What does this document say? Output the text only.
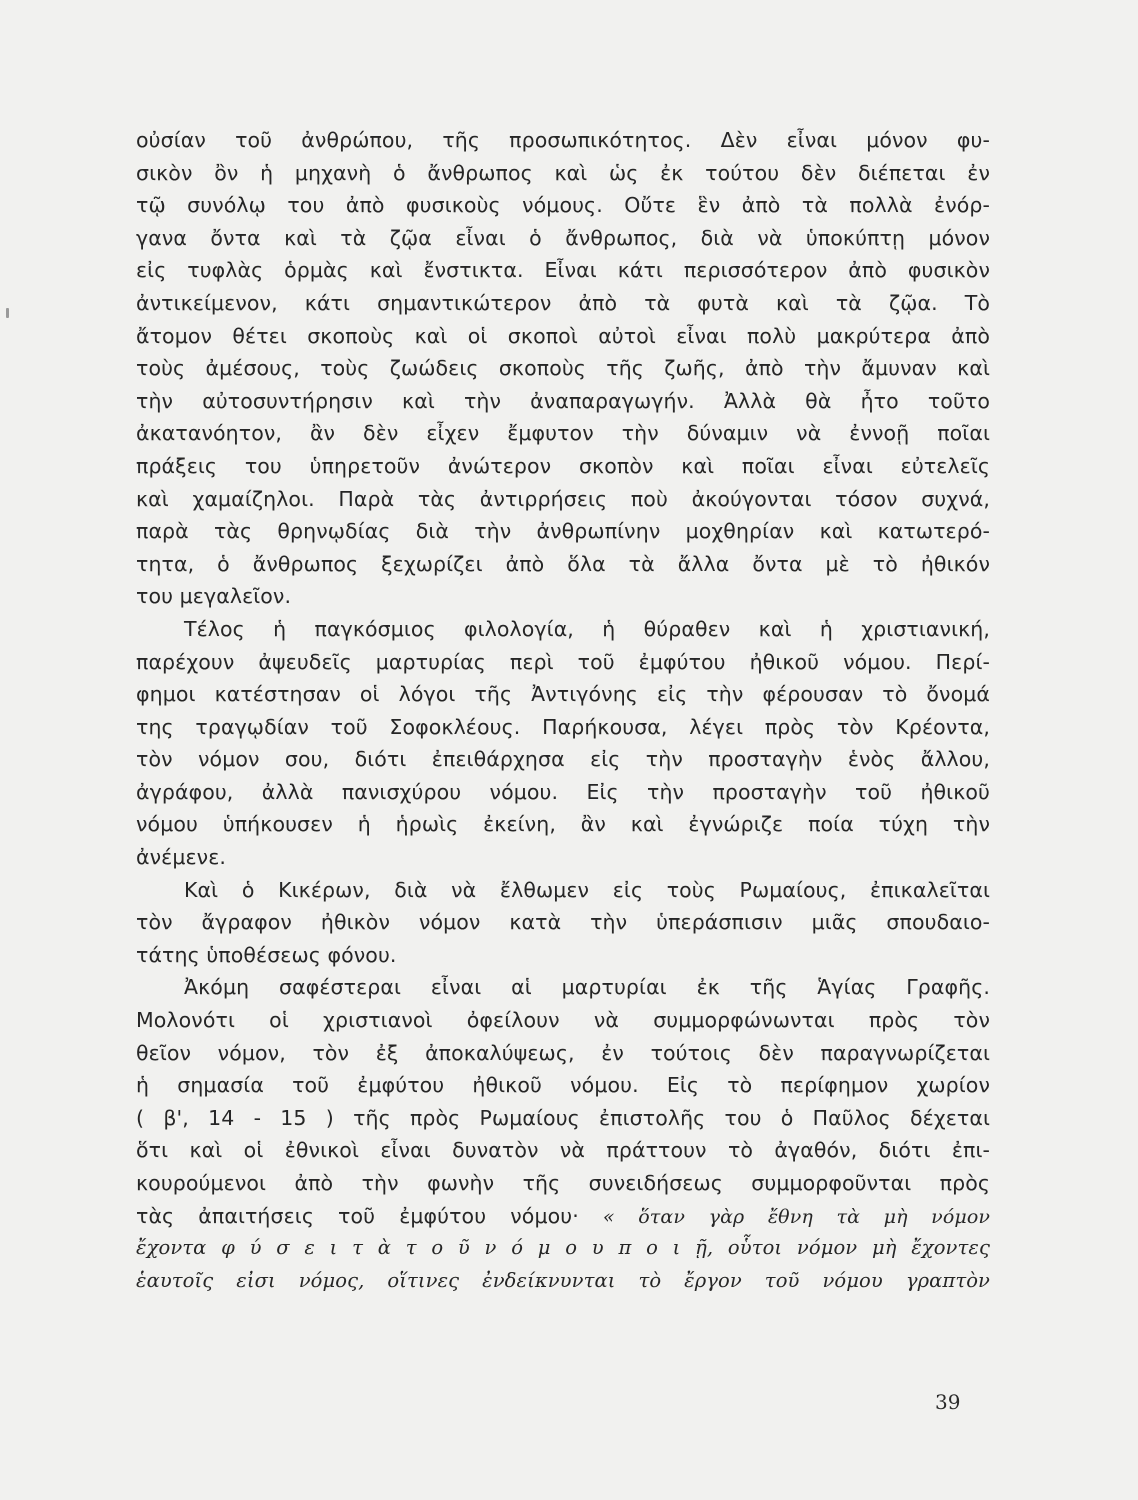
οὐσίαν τοῦ ἀνθρώπου, τῆς προσωπικότητος. Δὲν εἶναι μόνον φυ-
σικὸν ὂν ἡ μηχανὴ ὁ ἄνθρωπος καὶ ὡς ἐκ τούτου δὲν διέπεται ἐν
τῷ συνόλῳ του ἀπὸ φυσικοὺς νόμους. Οὔτε ἓν ἀπὸ τὰ πολλὰ ἐνόρ-
γανα ὄντα καὶ τὰ ζῷα εἶναι ὁ ἄνθρωπος, διὰ νὰ ὑποκύπτῃ μόνον
εἰς τυφλὰς ὁρμὰς καὶ ἔνστικτα. Εἶναι κάτι περισσότερον ἀπὸ φυσικὸν
ἀντικείμενον, κάτι σημαντικώτερον ἀπὸ τὰ φυτὰ καὶ τὰ ζῷα. Τὸ
ἄτομον θέτει σκοποὺς καὶ οἱ σκοποὶ αὐτοὶ εἶναι πολὺ μακρύτερα ἀπὸ
τοὺς ἀμέσους, τοὺς ζωώδεις σκοποὺς τῆς ζωῆς, ἀπὸ τὴν ἄμυναν καὶ
τὴν αὐτοσυντήρησιν καὶ τὴν ἀναπαραγωγήν. Ἀλλὰ θὰ ἦτο τοῦτο
ἀκατανόητον, ἂν δὲν εἶχεν ἔμφυτον τὴν δύναμιν νὰ ἐννοῇ ποῖαι
πράξεις του ὑπηρετοῦν ἀνώτερον σκοπὸν καὶ ποῖαι εἶναι εὐτελεῖς
καὶ χαμαίζηλοι. Παρὰ τὰς ἀντιρρήσεις ποὺ ἀκούγονται τόσον συχνά,
παρὰ τὰς θρηνῳδίας διὰ τὴν ἀνθρωπίνην μοχθηρίαν καὶ κατωτερό-
τητα, ὁ ἄνθρωπος ξεχωρίζει ἀπὸ ὅλα τὰ ἄλλα ὄντα μὲ τὸ ἠθικόν
του μεγαλεῖον.
Τέλος ἡ παγκόσμιος φιλολογία, ἡ θύραθεν καὶ ἡ χριστιανική,
παρέχουν ἀψευδεῖς μαρτυρίας περὶ τοῦ ἐμφύτου ἠθικοῦ νόμου. Περί-
φημοι κατέστησαν οἱ λόγοι τῆς Ἀντιγόνης εἰς τὴν φέρουσαν τὸ ὄνομά
της τραγῳδίαν τοῦ Σοφοκλέους. Παρήκουσα, λέγει πρὸς τὸν Κρέοντα,
τὸν νόμον σου, διότι ἐπειθάρχησα εἰς τὴν προσταγὴν ἑνὸς ἄλλου,
ἀγράφου, ἀλλὰ πανισχύρου νόμου. Εἰς τὴν προσταγὴν τοῦ ἠθικοῦ
νόμου ὑπήκουσεν ἡ ἡρωὶς ἐκείνη, ἂν καὶ ἐγνώριζε ποία τύχη τὴν
ἀνέμενε.
Καὶ ὁ Κικέρων, διὰ νὰ ἔλθωμεν εἰς τοὺς Ρωμαίους, ἐπικαλεῖται
τὸν ἄγραφον ἠθικὸν νόμον κατὰ τὴν ὑπεράσπισιν μιᾶς σπουδαιο-
τάτης ὑποθέσεως φόνου.
Ἀκόμη σαφέστεραι εἶναι αἱ μαρτυρίαι ἐκ τῆς Ἁγίας Γραφῆς.
Μολονότι οἱ χριστιανοὶ ὀφείλουν νὰ συμμορφώνωνται πρὸς τὸν
θεῖον νόμον, τὸν ἐξ ἀποκαλύψεως, ἐν τούτοις δὲν παραγνωρίζεται
ἡ σημασία τοῦ ἐμφύτου ἠθικοῦ νόμου. Εἰς τὸ περίφημον χωρίον
( β', 14 - 15 ) τῆς πρὸς Ρωμαίους ἐπιστολῆς του ὁ Παῦλος δέχεται
ὅτι καὶ οἱ ἐθνικοὶ εἶναι δυνατὸν νὰ πράττουν τὸ ἀγαθόν, διότι ἐπι-
κουρούμενοι ἀπὸ τὴν φωνὴν τῆς συνειδήσεως συμμορφοῦνται πρὸς
τὰς ἀπαιτήσεις τοῦ ἐμφύτου νόμου· « ὅταν γὰρ ἔθνη τὰ μὴ νόμον
ἔχοντα φ ύ σ ε ι τ ὰ τ ο ῦ ν ό μ ο υ π ο ι ῇ, οὗτοι νόμον μὴ ἔχοντες
ἑαυτοῖς εἰσι νόμος, οἵτινες ἐνδείκνυνται τὸ ἔργον τοῦ νόμου γραπτὸν
39
